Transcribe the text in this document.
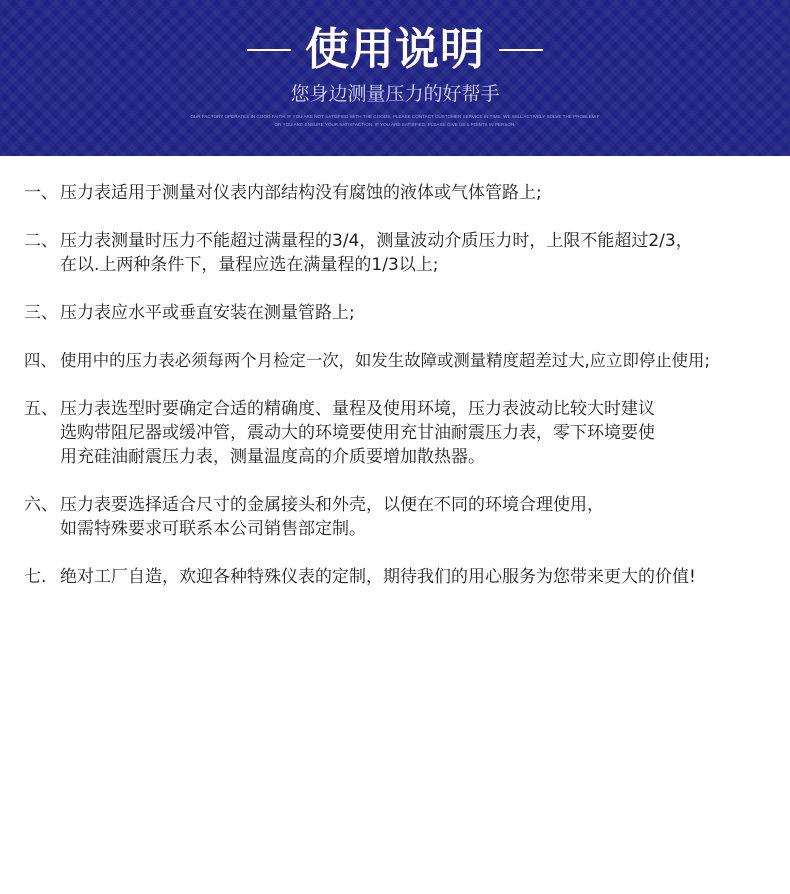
使用说明
您身边测量压力的好帮手
OUR FACTORY OPERATES IN GOOD FAITH. IF YOU ARE NOT SATISFIED WITH THE GOODS, PLEASE CONTACT CUSTOMER SERVICE IN TIME. WE WILL ACTIVELY SOLVE THE PROBLEM FOR YOU AND ENSURE YOUR SATISFACTION. IF YOU ARE SATISFIED, PLEASE GIVE US 5 POINTS IN PERSON.
一、 压力表适用于测量对仪表内部结构没有腐蚀的液体或气体管路上;
二、 压力表测量时压力不能超过满量程的3/4，测量波动介质压力时，上限不能超过2/3，
在以.上两种条件下，量程应选在满量程的1/3以上;
三、 压力表应水平或垂直安装在测量管路上;
四、 使用中的压力表必须每两个月检定一次，如发生故障或测量精度超差过大,应立即停止使用;
五、 压力表选型时要确定合适的精确度、量程及使用环境，压力表波动比较大时建议
选购带阻尼器或缓冲管，震动大的环境要使用充甘油耐震压力表，零下环境要使
用充硅油耐震压力表，测量温度高的介质要增加散热器。
六、 压力表要选择适合尺寸的金属接头和外壳，以便在不同的环境合理使用，
如需特殊要求可联系本公司销售部定制。
七. 绝对工厂自造，欢迎各种特殊仪表的定制，期待我们的用心服务为您带来更大的价值!
